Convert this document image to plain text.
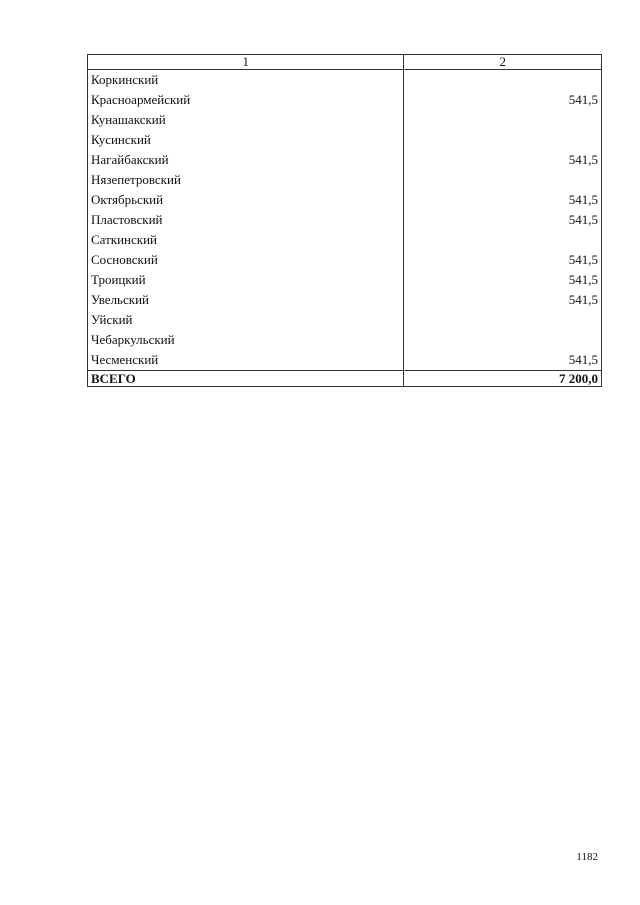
1	2
Коркинский	
Красноармейский	541,5
Кунашакский	
Кусинский	
Нагайбакский	541,5
Нязепетровский	
Октябрьский	541,5
Пластовский	541,5
Саткинский	
Сосновский	541,5
Троицкий	541,5
Увельский	541,5
Уйский	
Чебаркульский	
Чесменский	541,5
ВСЕГО	7 200,0
1182
